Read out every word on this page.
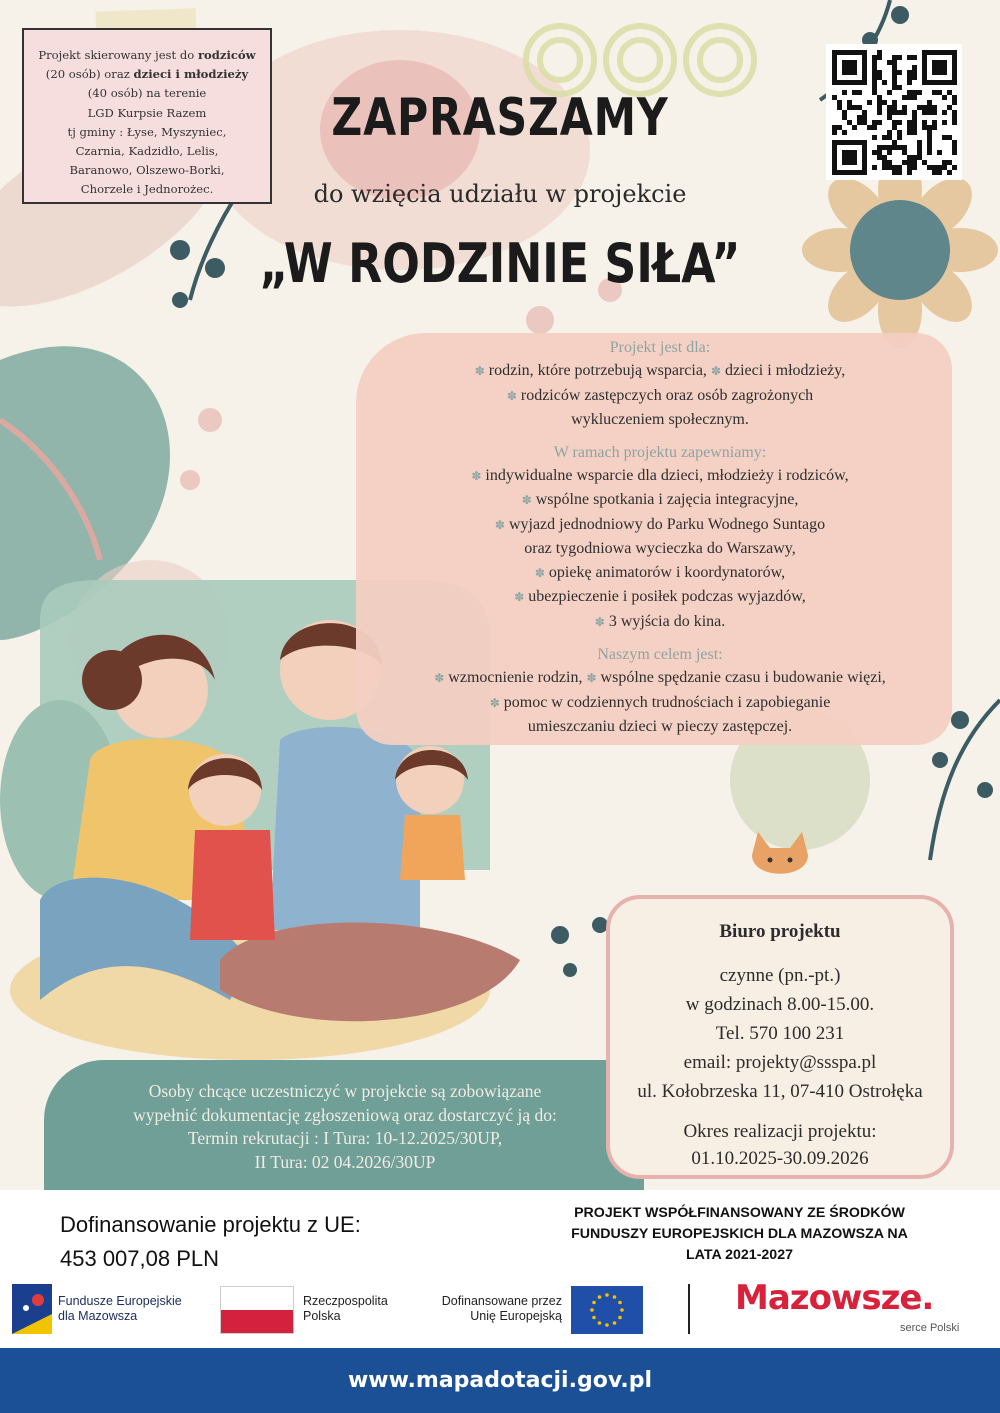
Projekt skierowany jest do rodziców
(20 osób) oraz dzieci i młodzieży
(40 osób) na terenie
LGD Kurpsie Razem
tj gminy : Łyse, Myszyniec,
Czarnia, Kadzidło, Lelis,
Baranowo, Olszewo-Borki,
Chorzele i Jednorożec.
ZAPRASZAMY
do wzięcia udziału w projekcie
„W RODZINIE SIŁA”
Projekt jest dla:
✽ rodzin, które potrzebują wsparcia, ✽ dzieci i młodzieży,
✽ rodziców zastępczych oraz osób zagrożonych
wykluczeniem społecznym.
W ramach projektu zapewniamy:
✽ indywidualne wsparcie dla dzieci, młodzieży i rodziców,
✽ wspólne spotkania i zajęcia integracyjne,
✽ wyjazd jednodniowy do Parku Wodnego Suntago
oraz tygodniowa wycieczka do Warszawy,
✽ opiekę animatorów i koordynatorów,
✽ ubezpieczenie i posiłek podczas wyjazdów,
✽ 3 wyjścia do kina.
Naszym celem jest:
✽ wzmocnienie rodzin, ✽ wspólne spędzanie czasu i budowanie więzi,
✽ pomoc w codziennych trudnościach i zapobieganie
umieszczaniu dzieci w pieczy zastępczej.
Osoby chcące uczestniczyć w projekcie są zobowiązane
wypełnić dokumentację zgłoszeniową oraz dostarczyć ją do:
Termin rekrutacji : I Tura: 10-12.2025/30UP,
II Tura: 02 04.2026/30UP
Biuro projektu
czynne (pn.-pt.)
w godzinach 8.00-15.00.
Tel. 570 100 231
email: projekty@ssspa.pl
ul. Kołobrzeska 11, 07-410 Ostrołęka
Okres realizacji projektu:
01.10.2025-30.09.2026
Dofinansowanie projektu z UE:
453 007,08 PLN
PROJEKT WSPÓŁFINANSOWANY ZE ŚRODKÓW
FUNDUSZY EUROPEJSKICH DLA MAZOWSZA NA
LATA 2021-2027
Fundusze Europejskie
dla Mazowsza
Rzeczpospolita
Polska
Dofinansowane przez
Unię Europejską	Mazowsze.
serce Polski
www.mapadotacji.gov.pl
